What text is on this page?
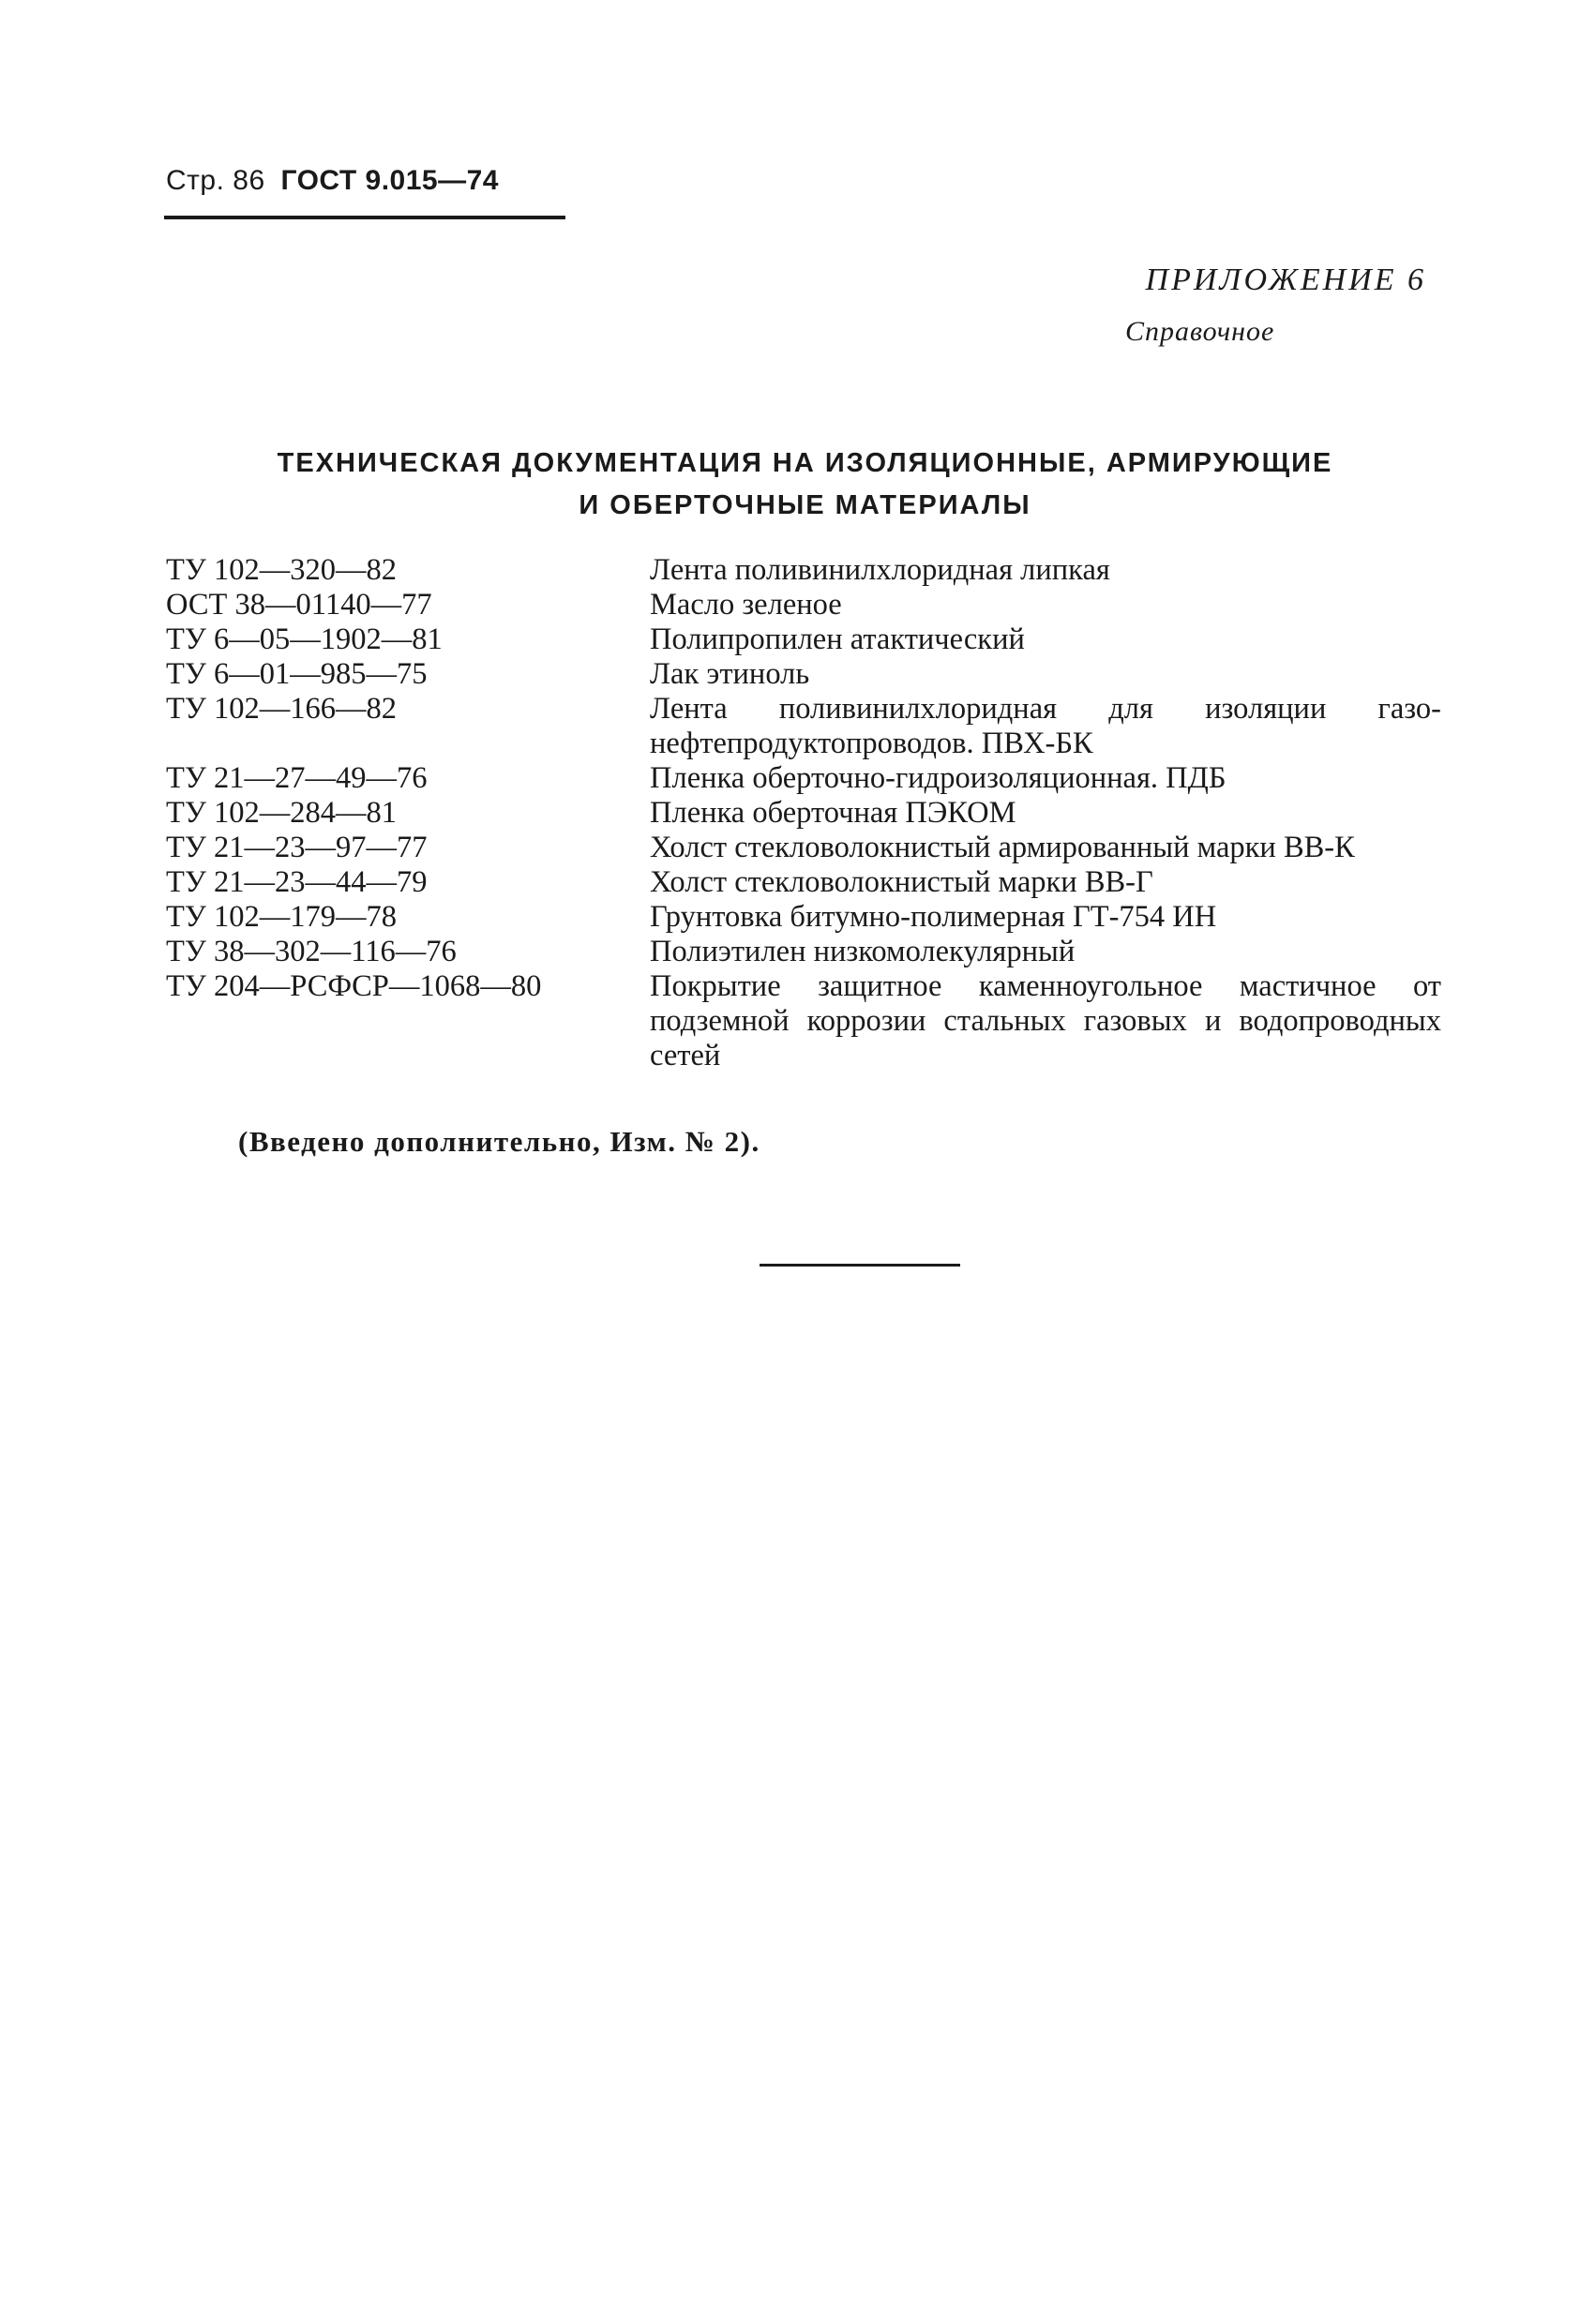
Стр. 86 ГОСТ 9.015—74
ПРИЛОЖЕНИЕ 6
Справочное
ТЕХНИЧЕСКАЯ ДОКУМЕНТАЦИЯ НА ИЗОЛЯЦИОННЫЕ, АРМИРУЮЩИЕ
И ОБЕРТОЧНЫЕ МАТЕРИАЛЫ
ТУ 102—320—82	Лента поливинилхлоридная липкая
ОСТ 38—01140—77	Масло зеленое
ТУ 6—05—1902—81	Полипропилен атактический
ТУ 6—01—985—75	Лак этиноль
ТУ 102—166—82	Лента поливинилхлоридная для изоляции газо-нефтепродуктопроводов. ПВХ-БК
ТУ 21—27—49—76	Пленка оберточно-гидроизоляционная. ПДБ
ТУ 102—284—81	Пленка оберточная ПЭКОМ
ТУ 21—23—97—77	Холст стекловолокнистый армированный марки ВВ-К
ТУ 21—23—44—79	Холст стекловолокнистый марки ВВ-Г
ТУ 102—179—78	Грунтовка битумно-полимерная ГТ-754 ИН
ТУ 38—302—116—76	Полиэтилен низкомолекулярный
ТУ 204—РСФСР—1068—80	Покрытие защитное каменноугольное мастичное от подземной коррозии стальных газовых и водопроводных сетей
(Введено дополнительно, Изм. № 2).
